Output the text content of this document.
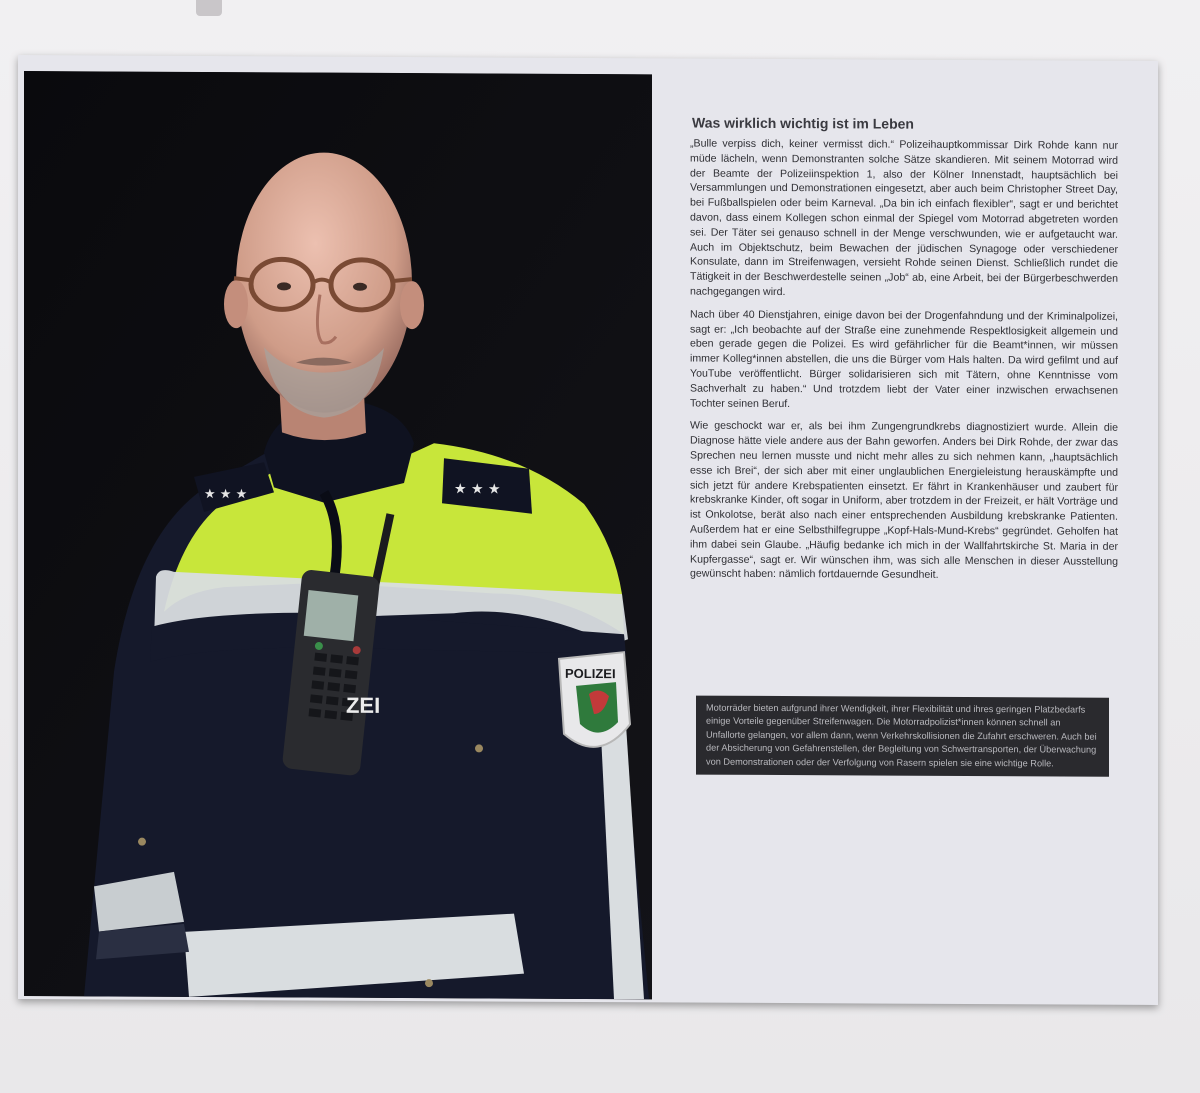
★ ★ ★	★ ★ ★
ZEI
POLIZEI
Was wirklich wichtig ist im Leben

„Bulle verpiss dich, keiner vermisst dich.“ Polizeihauptkommissar Dirk Rohde kann nur müde lächeln, wenn Demonstranten solche Sätze skandieren. Mit seinem Motorrad wird der Beamte der Polizeiinspektion 1, also der Kölner Innenstadt, hauptsächlich bei Versammlungen und Demonstrationen eingesetzt, aber auch beim Christopher Street Day, bei Fußballspielen oder beim Karneval. „Da bin ich einfach flexibler“, sagt er und berichtet davon, dass einem Kollegen schon einmal der Spiegel vom Motorrad abgetreten worden sei. Der Täter sei genauso schnell in der Menge verschwunden, wie er aufgetaucht war. Auch im Objektschutz, beim Bewachen der jüdischen Synagoge oder verschiedener Konsulate, dann im Streifenwagen, versieht Rohde seinen Dienst. Schließlich rundet die Tätigkeit in der Beschwerdestelle seinen „Job“ ab, eine Arbeit, bei der Bürgerbeschwerden nachgegangen wird.

Nach über 40 Dienstjahren, einige davon bei der Drogenfahndung und der Kriminalpolizei, sagt er: „Ich beobachte auf der Straße eine zunehmende Respektlosigkeit allgemein und eben gerade gegen die Polizei. Es wird gefährlicher für die Beamt*innen, wir müssen immer Kolleg*innen abstellen, die uns die Bürger vom Hals halten. Da wird gefilmt und auf YouTube veröffentlicht. Bürger solidarisieren sich mit Tätern, ohne Kenntnisse vom Sachverhalt zu haben.“ Und trotzdem liebt der Vater einer inzwischen erwachsenen Tochter seinen Beruf.

Wie geschockt war er, als bei ihm Zungengrundkrebs diagnostiziert wurde. Allein die Diagnose hätte viele andere aus der Bahn geworfen. Anders bei Dirk Rohde, der zwar das Sprechen neu lernen musste und nicht mehr alles zu sich nehmen kann, „hauptsächlich esse ich Brei“, der sich aber mit einer unglaublichen Energieleistung herauskämpfte und sich jetzt für andere Krebspatienten einsetzt. Er fährt in Krankenhäuser und zaubert für krebskranke Kinder, oft sogar in Uniform, aber trotzdem in der Freizeit, er hält Vorträge und ist Onkolotse, berät also nach einer entsprechenden Ausbildung krebskranke Patienten. Außerdem hat er eine Selbsthilfegruppe „Kopf-Hals-Mund-Krebs“ gegründet. Geholfen hat ihm dabei sein Glaube. „Häufig bedanke ich mich in der Wallfahrtskirche St. Maria in der Kupfergasse“, sagt er. Wir wünschen ihm, was sich alle Menschen in dieser Ausstellung gewünscht haben: nämlich fortdauernde Gesundheit.

Motorräder bieten aufgrund ihrer Wendigkeit, ihrer Flexibilität und ihres geringen Platzbedarfs einige Vorteile gegenüber Streifenwagen. Die Motorradpolizist*innen können schnell an Unfallorte gelangen, vor allem dann, wenn Verkehrskollisionen die Zufahrt erschweren. Auch bei der Absicherung von Gefahrenstellen, der Begleitung von Schwertransporten, der Überwachung von Demonstrationen oder der Verfolgung von Rasern spielen sie eine wichtige Rolle.
